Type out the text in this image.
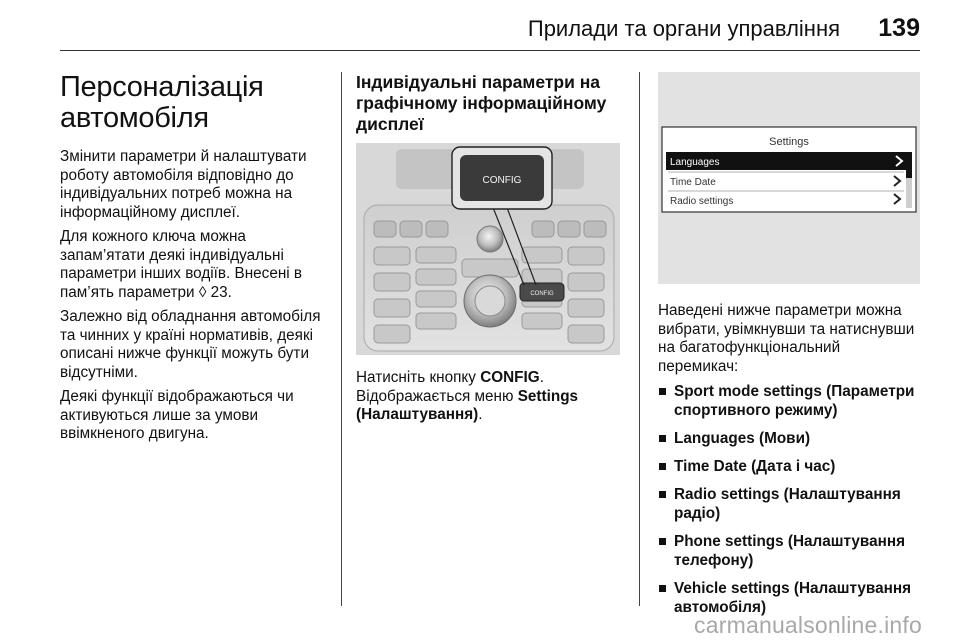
Прилади та органи управління 139
Персоналізація
автомобіля

Змінити параметри й налаштувати роботу автомобіля відповідно до індивідуальних потреб можна на інформаційному дисплеї.

Для кожного ключа можна запам’ятати деякі індивідуальні параметри інших водіїв. Внесені в пам’ять параметри ◊ 23.

Залежно від обладнання автомобіля та чинних у країні нормативів, деякі описані нижче функції можуть бути відсутніми.

Деякі функції відображаються чи активуються лише за умови ввімкненого двигуна.

Індивідуальні параметри на графічному інформаційному дисплеї
CONFIG
CONFIG

Натисніть кнопку CONFIG. Відображається меню Settings (Налаштування).

Settings
Languages
Time Date
Radio settings

Наведені нижче параметри можна вибрати, увімкнувши та натиснувши на багатофункціональний перемикач:

Sport mode settings (Параметри спортивного режиму)
Languages (Мови)
Time Date (Дата і час)
Radio settings (Налаштування радіо)
Phone settings (Налаштування телефону)
Vehicle settings (Налаштування автомобіля)
carmanualsonline.info
